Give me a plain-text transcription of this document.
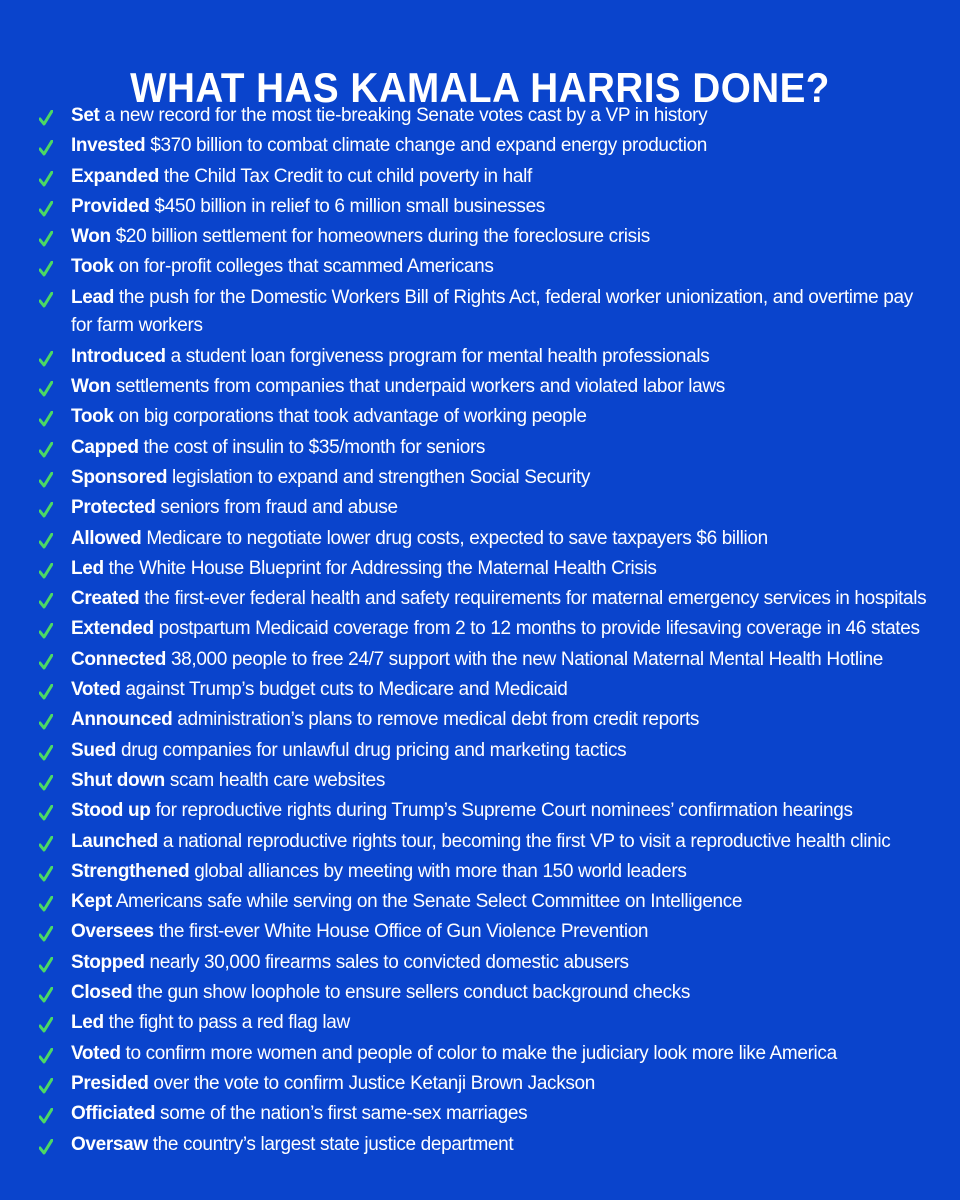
WHAT HAS KAMALA HARRIS DONE?
Set a new record for the most tie-breaking Senate votes cast by a VP in history
Invested $370 billion to combat climate change and expand energy production
Expanded the Child Tax Credit to cut child poverty in half
Provided $450 billion in relief to 6 million small businesses
Won $20 billion settlement for homeowners during the foreclosure crisis
Took on for-profit colleges that scammed Americans
Lead the push for the Domestic Workers Bill of Rights Act, federal worker unionization, and overtime pay for farm workers
Introduced a student loan forgiveness program for mental health professionals
Won settlements from companies that underpaid workers and violated labor laws
Took on big corporations that took advantage of working people
Capped the cost of insulin to $35/month for seniors
Sponsored legislation to expand and strengthen Social Security
Protected seniors from fraud and abuse
Allowed Medicare to negotiate lower drug costs, expected to save taxpayers $6 billion
Led the White House Blueprint for Addressing the Maternal Health Crisis
Created the first-ever federal health and safety requirements for maternal emergency services in hospitals
Extended postpartum Medicaid coverage from 2 to 12 months to provide lifesaving coverage in 46 states
Connected 38,000 people to free 24/7 support with the new National Maternal Mental Health Hotline
Voted against Trump’s budget cuts to Medicare and Medicaid
Announced administration’s plans to remove medical debt from credit reports
Sued drug companies for unlawful drug pricing and marketing tactics
Shut down scam health care websites
Stood up for reproductive rights during Trump’s Supreme Court nominees’ confirmation hearings
Launched a national reproductive rights tour, becoming the first VP to visit a reproductive health clinic
Strengthened global alliances by meeting with more than 150 world leaders
Kept Americans safe while serving on the Senate Select Committee on Intelligence
Oversees the first-ever White House Office of Gun Violence Prevention
Stopped nearly 30,000 firearms sales to convicted domestic abusers
Closed the gun show loophole to ensure sellers conduct background checks
Led the fight to pass a red flag law
Voted to confirm more women and people of color to make the judiciary look more like America
Presided over the vote to confirm Justice Ketanji Brown Jackson
Officiated some of the nation’s first same-sex marriages
Oversaw the country’s largest state justice department
